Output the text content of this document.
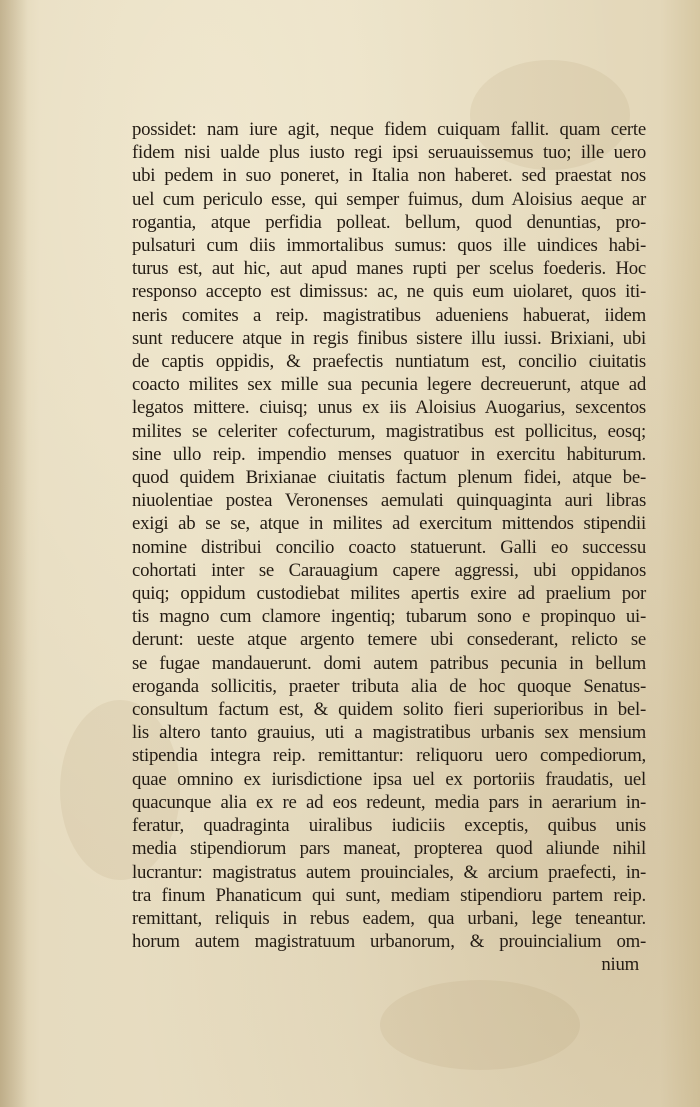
possidet: nam iure agit, neque fidem cuiquam fallit. quam certe
fidem nisi ualde plus iusto regi ipsi seruauissemus tuo; ille uero
ubi pedem in suo poneret, in Italia non haberet. sed praestat nos
uel cum periculo esse, qui semper fuimus, dum Aloisius aeque ar
rogantia, atque perfidia polleat. bellum, quod denuntias, pro-
pulsaturi cum diis immortalibus sumus: quos ille uindices habi-
turus est, aut hic, aut apud manes rupti per scelus foederis. Hoc
responso accepto est dimissus: ac, ne quis eum uiolaret, quos iti-
neris comites a reip. magistratibus adueniens habuerat, iidem
sunt reducere atque in regis finibus sistere illu iussi. Brixiani, ubi
de captis oppidis, & praefectis nuntiatum est, concilio ciuitatis
coacto milites sex mille sua pecunia legere decreuerunt, atque ad
legatos mittere. ciuisq; unus ex iis Aloisius Auogarius, sexcentos
milites se celeriter cofecturum, magistratibus est pollicitus, eosq;
sine ullo reip. impendio menses quatuor in exercitu habiturum.
quod quidem Brixianae ciuitatis factum plenum fidei, atque be-
niuolentiae postea Veronenses aemulati quinquaginta auri libras
exigi ab se se, atque in milites ad exercitum mittendos stipendii
nomine distribui concilio coacto statuerunt. Galli eo successu
cohortati inter se Carauagium capere aggressi, ubi oppidanos
quiq; oppidum custodiebat milites apertis exire ad praelium por
tis magno cum clamore ingentiq; tubarum sono e propinquo ui-
derunt: ueste atque argento temere ubi consederant, relicto se
se fugae mandauerunt. domi autem patribus pecunia in bellum
eroganda sollicitis, praeter tributa alia de hoc quoque Senatus-
consultum factum est, & quidem solito fieri superioribus in bel-
lis altero tanto grauius, uti a magistratibus urbanis sex mensium
stipendia integra reip. remittantur: reliquoru uero compediorum,
quae omnino ex iurisdictione ipsa uel ex portoriis fraudatis, uel
quacunque alia ex re ad eos redeunt, media pars in aerarium in-
feratur, quadraginta uiralibus iudiciis exceptis, quibus unis
media stipendiorum pars maneat, propterea quod aliunde nihil
lucrantur: magistratus autem prouinciales, & arcium praefecti, in-
tra finum Phanaticum qui sunt, mediam stipendioru partem reip.
remittant, reliquis in rebus eadem, qua urbani, lege teneantur.
horum autem magistratuum urbanorum, & prouincialium om-
nium
